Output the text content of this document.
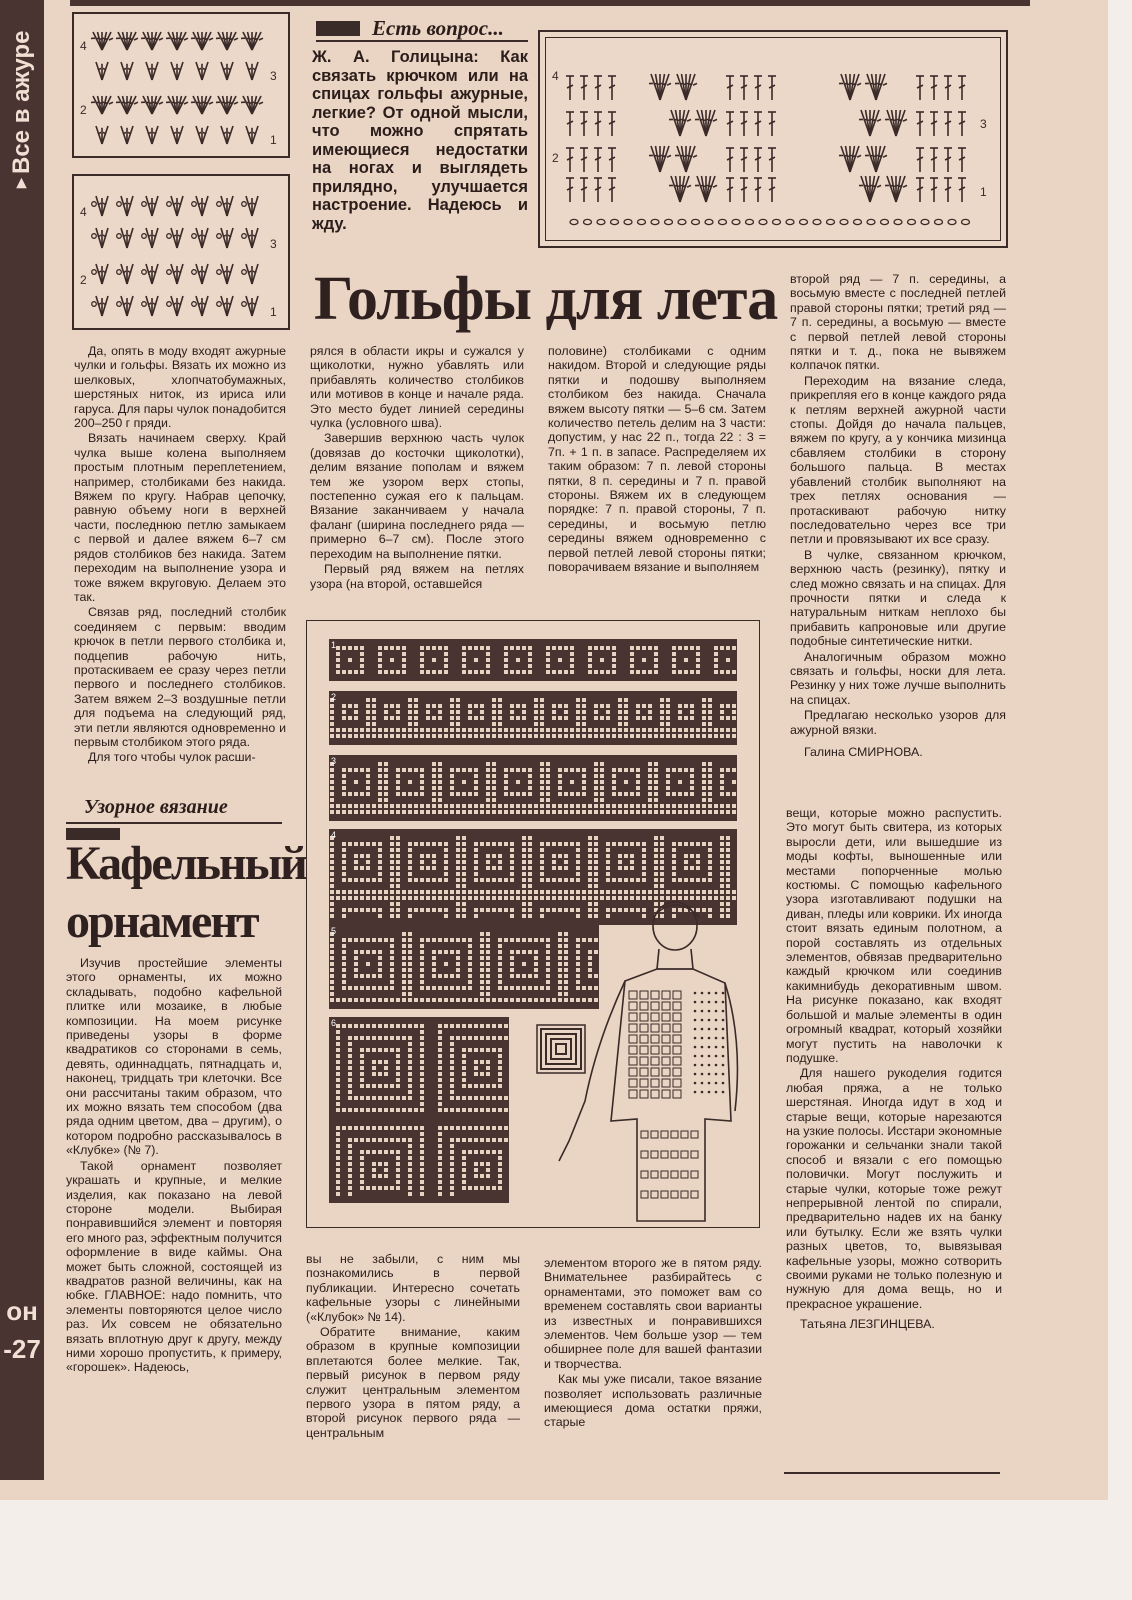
▼
Все в ажуре
он
-27
4
3
2
1
4
3
2
1
Есть вопрос...
Ж. А. Голицына: Как связать крючком или на спицах гольфы ажурные, легкие? От одной мысли, что можно спрятать имеющиеся недостатки на ногах и выглядеть прилядно, улучшается настроение. Надеюсь и жду.
4
3
2
1
Гольфы для лета

Да, опять в моду входят ажурные чулки и гольфы. Вязать их можно из шелковых, хлопчатобумажных, шерстяных ниток, из ириса или гаруса. Для пары чулок понадобится 200–250 г пряди.

Вязать начинаем сверху. Край чулка выше колена выполняем простым плотным переплетением, например, столбиками без накида. Вяжем по кругу. Набрав цепочку, равную объему ноги в верхней части, последнюю петлю замыкаем с первой и далее вяжем 6–7 см рядов столбиков без накида. Затем переходим на выполнение узора и тоже вяжем вкруговую. Делаем это так.

Связав ряд, последний столбик соединяем с первым: вводим крючок в петли первого столбика и, подцепив рабочую нить, протаскиваем ее сразу через петли первого и последнего столбиков. Затем вяжем 2–3 воздушные петли для подъема на следующий ряд, эти петли являются одновременно и первым столбиком этого ряда.

Для того чтобы чулок расши-

рялся в области икры и сужался у щиколотки, нужно убавлять или прибавлять количество столбиков или мотивов в конце и начале ряда. Это место будет линией середины чулка (условного шва).

Завершив верхнюю часть чулок (довязав до косточки щиколотки), делим вязание пополам и вяжем тем же узором верх стопы, постепенно сужая его к пальцам. Вязание заканчиваем у начала фаланг (ширина последнего ряда — примерно 6–7 см). После этого переходим на выполнение пятки.

Первый ряд вяжем на петлях узора (на второй, оставшейся

половине) столбиками с одним накидом. Второй и следующие ряды пятки и подошву выполняем столбиком без накида. Сначала вяжем высоту пятки — 5–6 см. Затем количество петель делим на 3 части: допустим, у нас 22 п., тогда 22 : 3 = 7п. + 1 п. в запасе. Распределяем их таким образом: 7 п. левой стороны пятки, 8 п. середины и 7 п. правой стороны. Вяжем их в следующем порядке: 7 п. правой стороны, 7 п. середины, и восьмую петлю середины вяжем одновременно с первой петлей левой стороны пятки; поворачиваем вязание и выполняем

второй ряд — 7 п. середины, а восьмую вместе с последней петлей правой стороны пятки; третий ряд — 7 п. середины, а восьмую — вместе с первой петлей левой стороны пятки и т. д., пока не вывяжем колпачок пятки.

Переходим на вязание следа, прикрепляя его в конце каждого ряда к петлям верхней ажурной части стопы. Дойдя до начала пальцев, вяжем по кругу, а у кончика мизинца сбавляем столбики в сторону большого пальца. В местах убавлений столбик выполняют на трех петлях основания — протаскивают рабочую нитку последовательно через все три петли и провязывают их все сразу.

В чулке, связанном крючком, верхнюю часть (резинку), пятку и след можно связать и на спицах. Для прочности пятки и следа к натуральным ниткам неплохо бы прибавить капроновые или другие подобные синтетические нитки.

Аналогичным образом можно связать и гольфы, носки для лета. Резинку у них тоже лучше выполнить на спицах.

Предлагаю несколько узоров для ажурной вязки.

Галина СМИРНОВА.
Узорное вязание
Кафельный
орнамент

Изучив простейшие элементы этого орнаменты, их можно складывать, подобно кафельной плитке или мозаике, в любые композиции. На моем рисунке приведены узоры в форме квадратиков со сторонами в семь, девять, одиннадцать, пятнадцать и, наконец, тридцать три клеточки. Все они рассчитаны таким образом, что их можно вязать тем способом (два ряда одним цветом, два – другим), о котором подробно рассказывалось в «Клубке» (№ 7).

Такой орнамент позволяет украшать и крупные, и мелкие изделия, как показано на левой стороне модели. Выбирая понравившийся элемент и повторяя его много раз, эффектным получится оформление в виде каймы. Она может быть сложной, состоящей из квадратов разной величины, как на юбке. ГЛАВНОЕ: надо помнить, что элементы повторяются целое число раз. Их совсем не обязательно вязать вплотную друг к другу, между ними хорошо пропустить, к примеру, «горошек». Надеюсь,

вы не забыли, с ним мы познакомились в первой публикации. Интересно сочетать кафельные узоры с линейными («Клубок» № 14).

Обратите внимание, каким образом в крупные композиции вплетаются более мелкие. Так, первый рисунок в первом ряду служит центральным элементом первого узора в пятом ряду, а второй рисунок первого ряда — центральным

элементом второго же в пятом ряду. Внимательнее разбирайтесь с орнаментами, это поможет вам со временем составлять свои варианты из известных и понравившихся элементов. Чем больше узор — тем обширнее поле для вашей фантазии и творчества.

Как мы уже писали, такое вязание позволяет использовать различные имеющиеся дома остатки пряжи, старые

вещи, которые можно распустить. Это могут быть свитера, из которых выросли дети, или вышедшие из моды кофты, выношенные или местами попорченные молью костюмы. С помощью кафельного узора изготавливают подушки на диван, пледы или коврики. Их иногда стоит вязать единым полотном, а порой составлять из отдельных элементов, обвязав предварительно каждый крючком или соединив какимнибудь декоративным швом. На рисунке показано, как входят большой и малые элементы в один огромный квадрат, который хозяйки могут пустить на наволочки к подушке.

Для нашего рукоделия годится любая пряжа, а не только шерстяная. Иногда идут в ход и старые вещи, которые нарезаются на узкие полосы. Исстари экономные горожанки и сельчанки знали такой способ и вязали с его помощью половички. Могут послужить и старые чулки, которые тоже режут непрерывной лентой по спирали, предварительно надев их на банку или бутылку. Если же взять чулки разных цветов, то, вывязывая кафельные узоры, можно сотворить своими руками не только полезную и нужную для дома вещь, но и прекрасное украшение.

Татьяна ЛЕЗГИНЦЕВА.
1
2
3
4
5
6
